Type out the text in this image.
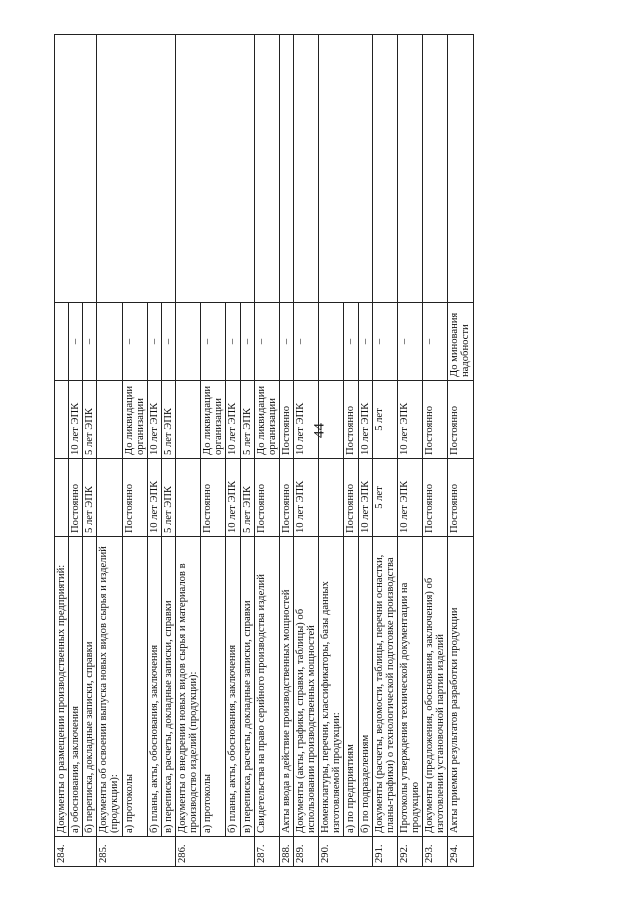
44
284.	Документы о размещении производственных предприятий:				
	а) обоснования, заключения	Постоянно	10 лет ЭПК	–	
	б) переписка, докладные записки, справки	5 лет ЭПК	5 лет ЭПК	–	
285.	Документы об освоении выпуска новых видов сырья и изделий (продукции):				
	а) протоколы	Постоянно	До ликвидации организации	–	
	б) планы, акты, обоснования, заключения	10 лет ЭПК	10 лет ЭПК	–	
	в) переписка, расчеты, докладные записки, справки	5 лет ЭПК	5 лет ЭПК	–	
286.	Документы о внедрении новых видов сырья и материалов в производство изделий (продукции):				
	а) протоколы	Постоянно	До ликвидации организации	–	
	б) планы, акты, обоснования, заключения	10 лет ЭПК	10 лет ЭПК	–	
	в) переписка, расчеты, докладные записки, справки	5 лет ЭПК	5 лет ЭПК	–	
287.	Свидетельства на право серийного производства изделий	Постоянно	До ликвидации организации	–	
288.	Акты ввода в действие производственных мощностей	Постоянно	Постоянно	–	
289.	Документы (акты, графики, справки, таблицы) об использовании производственных мощностей	10 лет ЭПК	10 лет ЭПК	–	
290.	Номенклатуры, перечни, классификаторы, базы данных изготовляемой продукции:				
	а) по предприятиям	Постоянно	Постоянно	–	
	б) по подразделениям	10 лет ЭПК	10 лет ЭПК	–	
291.	Документы (расчеты, ведомости, таблицы, перечни оснастки, планы-графики) о технологической подготовке производства	5 лет	5 лет	–	
292.	Протоколы утверждения технической документации на продукцию	10 лет ЭПК	10 лет ЭПК	–	
293.	Документы (предложения, обоснования, заключения) об изготовлении установочной партии изделий	Постоянно	Постоянно	–	
294.	Акты приемки результатов разработки продукции	Постоянно	Постоянно	До минования надобности	
